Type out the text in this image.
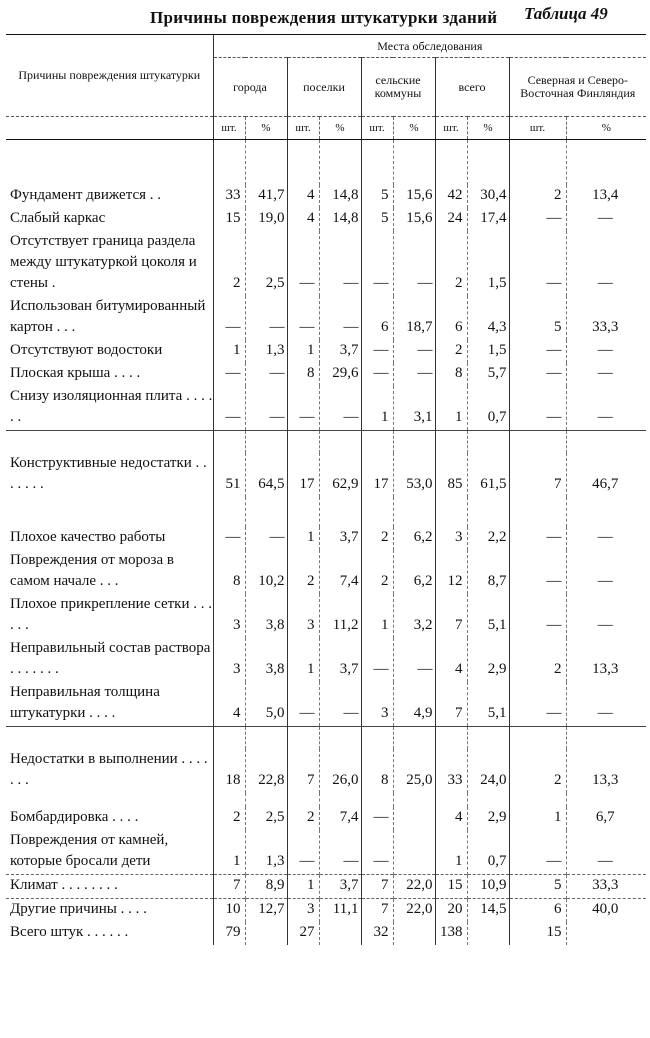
Причины повреждения штукатурки зданий Таблица 49
Причины повреждения штукатурки	Места обследования									
	города		поселки		сельские коммуны		всего		Северная и Северо-Восточная Финляндия	
	шт.	%	шт.	%	шт.	%	шт.	%	шт.	%

Фундамент движется . .	33	41,7	4	14,8	5	15,6	42	30,4	2	13,4
Слабый каркас	15	19,0	4	14,8	5	15,6	24	17,4	—	—
Отсутствует граница раздела между штукатуркой цоколя и стены .	2	2,5	—	—	—	—	2	1,5	—	—
Использован битумированный картон . . .	—	—	—	—	6	18,7	6	4,3	5	33,3
Отсутствуют водостоки	1	1,3	1	3,7	—	—	2	1,5	—	—
Плоская крыша . . . .	—	—	8	29,6	—	—	8	5,7	—	—
Снизу изоляционная плита . . . . . .	—	—	—	—	1	3,1	1	0,7	—	—

Конструктивные недостатки . . . . . . .	51	64,5	17	62,9	17	53,0	85	61,5	7	46,7

Плохое качество работы	—	—	1	3,7	2	6,2	3	2,2	—	—
Повреждения от мороза в самом начале . . .	8	10,2	2	7,4	2	6,2	12	8,7	—	—
Плохое прикрепление сетки . . . . . .	3	3,8	3	11,2	1	3,2	7	5,1	—	—
Неправильный состав раствора . . . . . . .	3	3,8	1	3,7	—	—	4	2,9	2	13,3
Неправильная толщина штукатурки . . . .	4	5,0	—	—	3	4,9	7	5,1	—	—

Недостатки в выполнении . . . . . . .	18	22,8	7	26,0	8	25,0	33	24,0	2	13,3

Бомбардировка . . . .	2	2,5	2	7,4	—		4	2,9	1	6,7
Повреждения от камней, которые бросали дети	1	1,3	—	—	—		1	0,7	—	—
Климат . . . . . . . .	7	8,9	1	3,7	7	22,0	15	10,9	5	33,3
Другие причины . . . .	10	12,7	3	11,1	7	22,0	20	14,5	6	40,0
Всего штук . . . . . .	79		27		32		138		15	
